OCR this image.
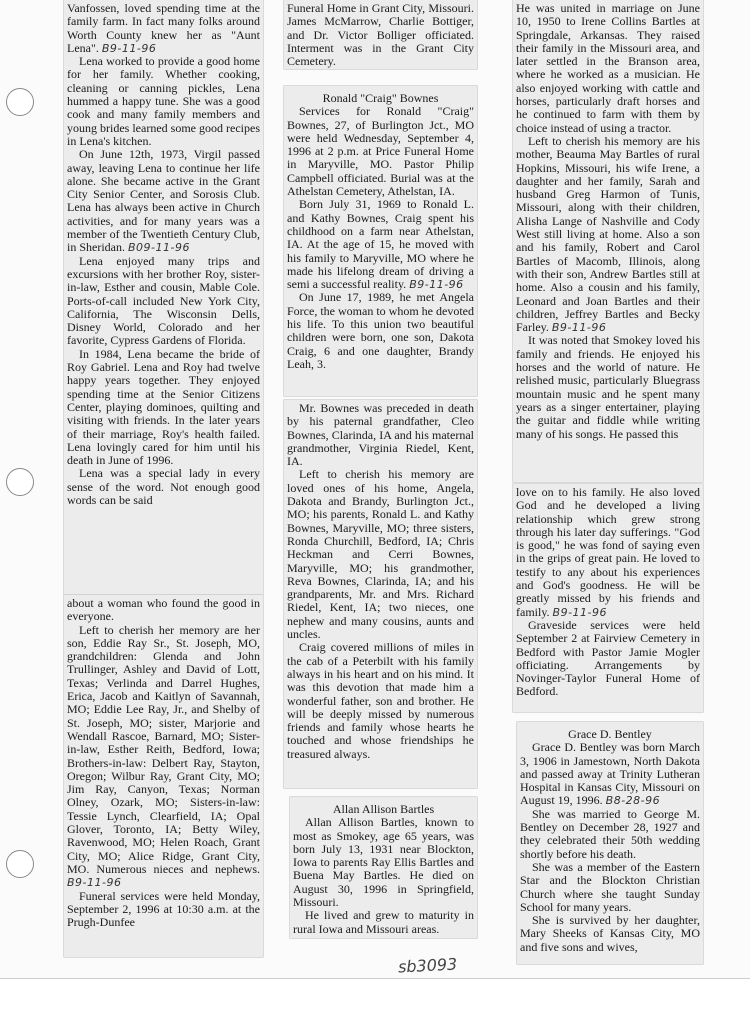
Vanfossen, loved spending time at the family farm. In fact many folks around Worth County knew her as "Aunt Lena". B9-11-96

Lena worked to provide a good home for her family. Whether cooking, cleaning or canning pickles, Lena hummed a happy tune. She was a good cook and many family members and young brides learned some good recipes in Lena's kitchen.

On June 12th, 1973, Virgil passed away, leaving Lena to continue her life alone. She became active in the Grant City Senior Center, and Sorosis Club. Lena has always been active in Church activities, and for many years was a member of the Twentieth Century Club, in Sheridan. B09-11-96

Lena enjoyed many trips and excursions with her brother Roy, sister-in-law, Esther and cousin, Mable Cole. Ports-of-call included New York City, California, The Wisconsin Dells, Disney World, Colorado and her favorite, Cypress Gardens of Florida.

In 1984, Lena became the bride of Roy Gabriel. Lena and Roy had twelve happy years together. They enjoyed spending time at the Senior Citizens Center, playing dominoes, quilting and visiting with friends. In the later years of their marriage, Roy's health failed. Lena lovingly cared for him until his death in June of 1996.

Lena was a special lady in every sense of the word. Not enough good words can be said

about a woman who found the good in everyone.

Left to cherish her memory are her son, Eddie Ray Sr., St. Joseph, MO, grandchildren: Glenda and John Trullinger, Ashley and David of Lott, Texas; Verlinda and Darrel Hughes, Erica, Jacob and Kaitlyn of Savannah, MO; Eddie Lee Ray, Jr., and Shelby of St. Joseph, MO; sister, Marjorie and Wendall Rascoe, Barnard, MO; Sister-in-law, Esther Reith, Bedford, Iowa; Brothers-in-law: Delbert Ray, Stayton, Oregon; Wilbur Ray, Grant City, MO; Jim Ray, Canyon, Texas; Norman Olney, Ozark, MO; Sisters-in-law: Tessie Lynch, Clearfield, IA; Opal Glover, Toronto, IA; Betty Wiley, Ravenwood, MO; Helen Roach, Grant City, MO; Alice Ridge, Grant City, MO. Numerous nieces and nephews. B9-11-96

Funeral services were held Monday, September 2, 1996 at 10:30 a.m. at the Prugh-Dunfee

Funeral Home in Grant City, Missouri. James McMarrow, Charlie Bottiger, and Dr. Victor Bolliger officiated. Interment was in the Grant City Cemetery.

Ronald "Craig" Bownes

Services for Ronald "Craig" Bownes, 27, of Burlington Jct., MO were held Wednesday, September 4, 1996 at 2 p.m. at Price Funeral Home in Maryville, MO. Pastor Philip Campbell officiated. Burial was at the Athelstan Cemetery, Athelstan, IA.

Born July 31, 1969 to Ronald L. and Kathy Bownes, Craig spent his childhood on a farm near Athelstan, IA. At the age of 15, he moved with his family to Maryville, MO where he made his lifelong dream of driving a semi a successful reality. B9-11-96

On June 17, 1989, he met Angela Force, the woman to whom he devoted his life. To this union two beautiful children were born, one son, Dakota Craig, 6 and one daughter, Brandy Leah, 3.

Mr. Bownes was preceded in death by his paternal grandfather, Cleo Bownes, Clarinda, IA and his maternal grandmother, Virginia Riedel, Kent, IA.

Left to cherish his memory are loved ones of his home, Angela, Dakota and Brandy, Burlington Jct., MO; his parents, Ronald L. and Kathy Bownes, Maryville, MO; three sisters, Ronda Churchill, Bedford, IA; Chris Heckman and Cerri Bownes, Maryville, MO; his grandmother, Reva Bownes, Clarinda, IA; and his grandparents, Mr. and Mrs. Richard Riedel, Kent, IA; two nieces, one nephew and many cousins, aunts and uncles.

Craig covered millions of miles in the cab of a Peterbilt with his family always in his heart and on his mind. It was this devotion that made him a wonderful father, son and brother. He will be deeply missed by numerous friends and family whose hearts he touched and whose friendships he treasured always.

Allan Allison Bartles

Allan Allison Bartles, known to most as Smokey, age 65 years, was born July 13, 1931 near Blockton, Iowa to parents Ray Ellis Bartles and Buena May Bartles. He died on August 30, 1996 in Springfield, Missouri.

He lived and grew to maturity in rural Iowa and Missouri areas.

He was united in marriage on June 10, 1950 to Irene Collins Bartles at Springdale, Arkansas. They raised their family in the Missouri area, and later settled in the Branson area, where he worked as a musician. He also enjoyed working with cattle and horses, particularly draft horses and he continued to farm with them by choice instead of using a tractor.

Left to cherish his memory are his mother, Beauma May Bartles of rural Hopkins, Missouri, his wife Irene, a daughter and her family, Sarah and husband Greg Harmon of Tunis, Missouri, along with their children, Alisha Lange of Nashville and Cody West still living at home. Also a son and his family, Robert and Carol Bartles of Macomb, Illinois, along with their son, Andrew Bartles still at home. Also a cousin and his family, Leonard and Joan Bartles and their children, Jeffrey Bartles and Becky Farley. B9-11-96

It was noted that Smokey loved his family and friends. He enjoyed his horses and the world of nature. He relished music, particularly Bluegrass mountain music and he spent many years as a singer entertainer, playing the guitar and fiddle while writing many of his songs. He passed this

love on to his family. He also loved God and he developed a living relationship which grew strong through his later day sufferings. "God is good," he was fond of saying even in the grips of great pain. He loved to testify to any about his experiences and God's goodness. He will be greatly missed by his friends and family. B9-11-96

Graveside services were held September 2 at Fairview Cemetery in Bedford with Pastor Jamie Mogler officiating. Arrangements by Novinger-Taylor Funeral Home of Bedford.

Grace D. Bentley

Grace D. Bentley was born March 3, 1906 in Jamestown, North Dakota and passed away at Trinity Lutheran Hospital in Kansas City, Missouri on August 19, 1996. B8-28-96

She was married to George M. Bentley on December 28, 1927 and they celebrated their 50th wedding shortly before his death.

She was a member of the Eastern Star and the Blockton Christian Church where she taught Sunday School for many years.

She is survived by her daughter, Mary Sheeks of Kansas City, MO and five sons and wives,

sb3093
